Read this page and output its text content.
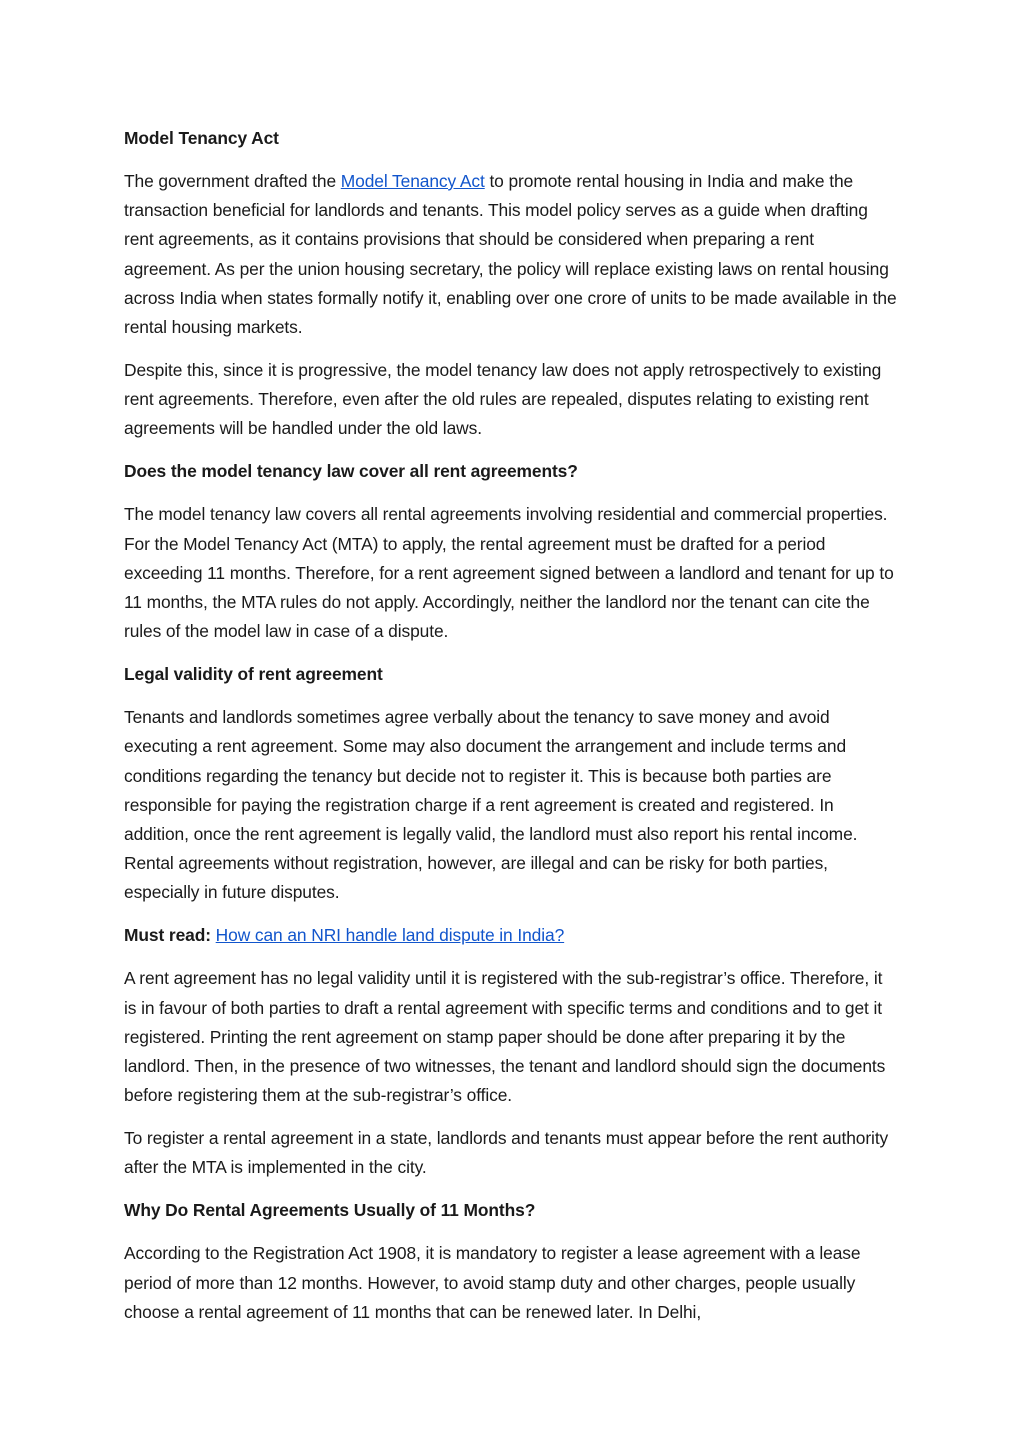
Model Tenancy Act

The government drafted the Model Tenancy Act to promote rental housing in India and make the transaction beneficial for landlords and tenants. This model policy serves as a guide when drafting rent agreements, as it contains provisions that should be considered when preparing a rent agreement. As per the union housing secretary, the policy will replace existing laws on rental housing across India when states formally notify it, enabling over one crore of units to be made available in the rental housing markets.

Despite this, since it is progressive, the model tenancy law does not apply retrospectively to existing rent agreements. Therefore, even after the old rules are repealed, disputes relating to existing rent agreements will be handled under the old laws.

Does the model tenancy law cover all rent agreements?

The model tenancy law covers all rental agreements involving residential and commercial properties. For the Model Tenancy Act (MTA) to apply, the rental agreement must be drafted for a period exceeding 11 months. Therefore, for a rent agreement signed between a landlord and tenant for up to 11 months, the MTA rules do not apply. Accordingly, neither the landlord nor the tenant can cite the rules of the model law in case of a dispute.

Legal validity of rent agreement

Tenants and landlords sometimes agree verbally about the tenancy to save money and avoid executing a rent agreement. Some may also document the arrangement and include terms and conditions regarding the tenancy but decide not to register it. This is because both parties are responsible for paying the registration charge if a rent agreement is created and registered. In addition, once the rent agreement is legally valid, the landlord must also report his rental income. Rental agreements without registration, however, are illegal and can be risky for both parties, especially in future disputes.

Must read: How can an NRI handle land dispute in India?

A rent agreement has no legal validity until it is registered with the sub-registrar’s office. Therefore, it is in favour of both parties to draft a rental agreement with specific terms and conditions and to get it registered. Printing the rent agreement on stamp paper should be done after preparing it by the landlord. Then, in the presence of two witnesses, the tenant and landlord should sign the documents before registering them at the sub-registrar’s office.

To register a rental agreement in a state, landlords and tenants must appear before the rent authority after the MTA is implemented in the city.

Why Do Rental Agreements Usually of 11 Months?

According to the Registration Act 1908, it is mandatory to register a lease agreement with a lease period of more than 12 months. However, to avoid stamp duty and other charges, people usually choose a rental agreement of 11 months that can be renewed later. In Delhi,
